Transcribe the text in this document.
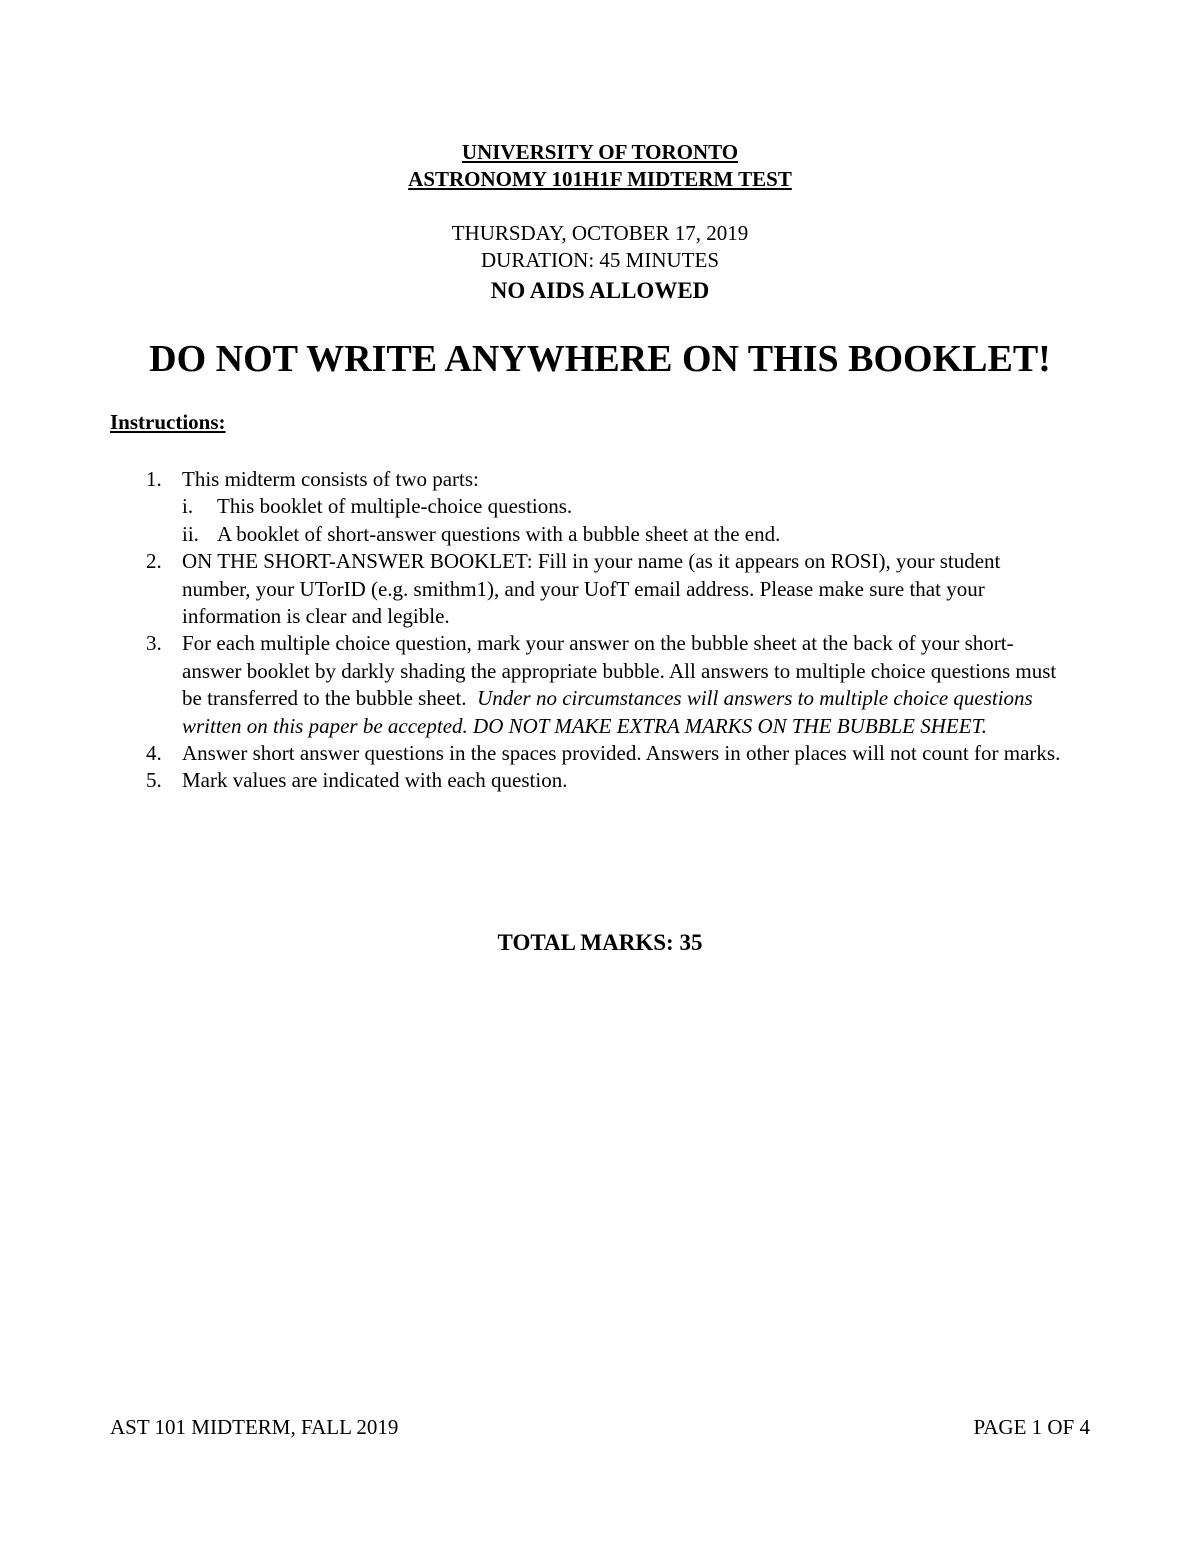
UNIVERSITY OF TORONTO
ASTRONOMY 101H1F MIDTERM TEST
THURSDAY, OCTOBER 17, 2019
DURATION: 45 MINUTES
NO AIDS ALLOWED
DO NOT WRITE ANYWHERE ON THIS BOOKLET!
Instructions:
1. This midterm consists of two parts:
i. This booklet of multiple-choice questions.
ii. A booklet of short-answer questions with a bubble sheet at the end.
2. ON THE SHORT-ANSWER BOOKLET: Fill in your name (as it appears on ROSI), your student number, your UTorID (e.g. smithm1), and your UofT email address. Please make sure that your information is clear and legible.
3. For each multiple choice question, mark your answer on the bubble sheet at the back of your short-answer booklet by darkly shading the appropriate bubble. All answers to multiple choice questions must be transferred to the bubble sheet. Under no circumstances will answers to multiple choice questions written on this paper be accepted. DO NOT MAKE EXTRA MARKS ON THE BUBBLE SHEET.
4. Answer short answer questions in the spaces provided. Answers in other places will not count for marks.
5. Mark values are indicated with each question.
TOTAL MARKS: 35
AST 101 MIDTERM, FALL 2019	PAGE 1 OF 4
